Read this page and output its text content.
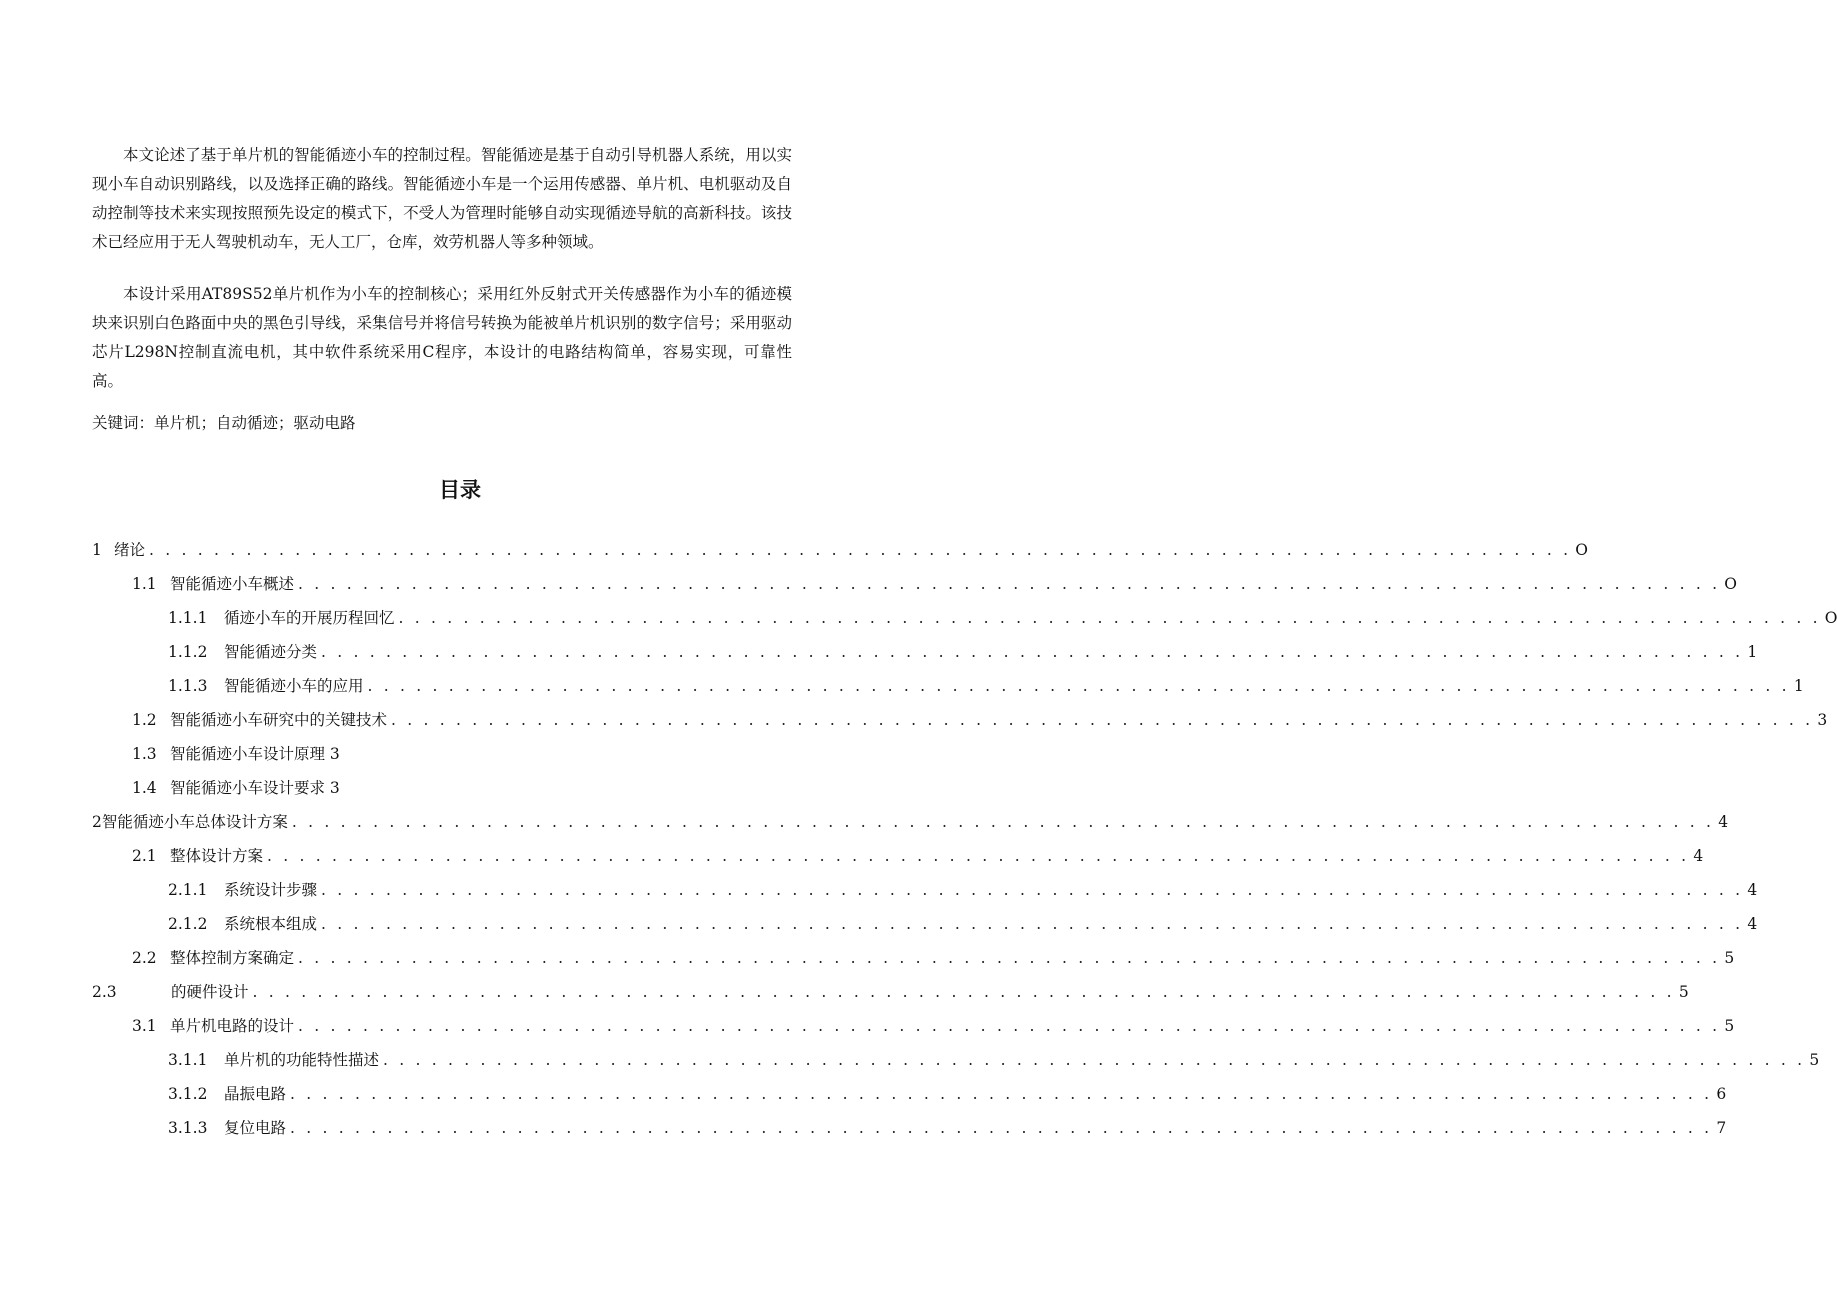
本文论述了基于单片机的智能循迹小车的控制过程。智能循迹是基于自动引导机器人系统，用以实现小车自动识别路线，以及选择正确的路线。智能循迹小车是一个运用传感器、单片机、电机驱动及自动控制等技术来实现按照预先设定的模式下，不受人为管理时能够自动实现循迹导航的高新科技。该技术已经应用于无人驾驶机动车，无人工厂，仓库，效劳机器人等多种领域。

本设计采用AT89S52单片机作为小车的控制核心；采用红外反射式开关传感器作为小车的循迹模块来识别白色路面中央的黑色引导线，采集信号并将信号转换为能被单片机识别的数字信号；采用驱动芯片L298N控制直流电机，其中软件系统采用C程序，本设计的电路结构简单，容易实现，可靠性高。

关键词：单片机；自动循迹；驱动电路

目录
1 绪论 . . . . . . . . . . . . . . . . . . . . . . . . . . . . . . . . . . . . . . . . . . . . . . . . . . . . . . . . . . . . . . . . . . . . . . . . . . . . . . . . . . . . . . . . O
1.1 智能循迹小车概述 . . . . . . . . . . . . . . . . . . . . . . . . . . . . . . . . . . . . . . . . . . . . . . . . . . . . . . . . . . . . . . . . . . . . . . . . . . . . . . . . . . . . . . . . O
1.1.1	循迹小车的开展历程回忆 . . . . . . . . . . . . . . . . . . . . . . . . . . . . . . . . . . . . . . . . . . . . . . . . . . . . . . . . . . . . . . . . . . . . . . . . . . . . . . . . . . . . . . . . O
1.1.2	智能循迹分类 . . . . . . . . . . . . . . . . . . . . . . . . . . . . . . . . . . . . . . . . . . . . . . . . . . . . . . . . . . . . . . . . . . . . . . . . . . . . . . . . . . . . . . . . 1
1.1.3	智能循迹小车的应用 . . . . . . . . . . . . . . . . . . . . . . . . . . . . . . . . . . . . . . . . . . . . . . . . . . . . . . . . . . . . . . . . . . . . . . . . . . . . . . . . . . . . . . . . 1
1.2 智能循迹小车研究中的关键技术 . . . . . . . . . . . . . . . . . . . . . . . . . . . . . . . . . . . . . . . . . . . . . . . . . . . . . . . . . . . . . . . . . . . . . . . . . . . . . . . . . . . . . . . . 3
1.3 智能循迹小车设计原理 3
1.4 智能循迹小车设计要求 3
2 智能循迹小车总体设计方案 . . . . . . . . . . . . . . . . . . . . . . . . . . . . . . . . . . . . . . . . . . . . . . . . . . . . . . . . . . . . . . . . . . . . . . . . . . . . . . . . . . . . . . . . 4
2.1 整体设计方案 . . . . . . . . . . . . . . . . . . . . . . . . . . . . . . . . . . . . . . . . . . . . . . . . . . . . . . . . . . . . . . . . . . . . . . . . . . . . . . . . . . . . . . . . 4
2.1.1	系统设计步骤 . . . . . . . . . . . . . . . . . . . . . . . . . . . . . . . . . . . . . . . . . . . . . . . . . . . . . . . . . . . . . . . . . . . . . . . . . . . . . . . . . . . . . . . . 4
2.1.2	系统根本组成 . . . . . . . . . . . . . . . . . . . . . . . . . . . . . . . . . . . . . . . . . . . . . . . . . . . . . . . . . . . . . . . . . . . . . . . . . . . . . . . . . . . . . . . . 4
2.2 整体控制方案确定 . . . . . . . . . . . . . . . . . . . . . . . . . . . . . . . . . . . . . . . . . . . . . . . . . . . . . . . . . . . . . . . . . . . . . . . . . . . . . . . . . . . . . . . . 5
2.3	的硬件设计 . . . . . . . . . . . . . . . . . . . . . . . . . . . . . . . . . . . . . . . . . . . . . . . . . . . . . . . . . . . . . . . . . . . . . . . . . . . . . . . . . . . . . . . . 5
3.1 单片机电路的设计 . . . . . . . . . . . . . . . . . . . . . . . . . . . . . . . . . . . . . . . . . . . . . . . . . . . . . . . . . . . . . . . . . . . . . . . . . . . . . . . . . . . . . . . . 5
3.1.1	单片机的功能特性描述 . . . . . . . . . . . . . . . . . . . . . . . . . . . . . . . . . . . . . . . . . . . . . . . . . . . . . . . . . . . . . . . . . . . . . . . . . . . . . . . . . . . . . . . . 5
3.1.2	晶振电路 . . . . . . . . . . . . . . . . . . . . . . . . . . . . . . . . . . . . . . . . . . . . . . . . . . . . . . . . . . . . . . . . . . . . . . . . . . . . . . . . . . . . . . . . 6
3.1.3	复位电路 . . . . . . . . . . . . . . . . . . . . . . . . . . . . . . . . . . . . . . . . . . . . . . . . . . . . . . . . . . . . . . . . . . . . . . . . . . . . . . . . . . . . . . . . 7
